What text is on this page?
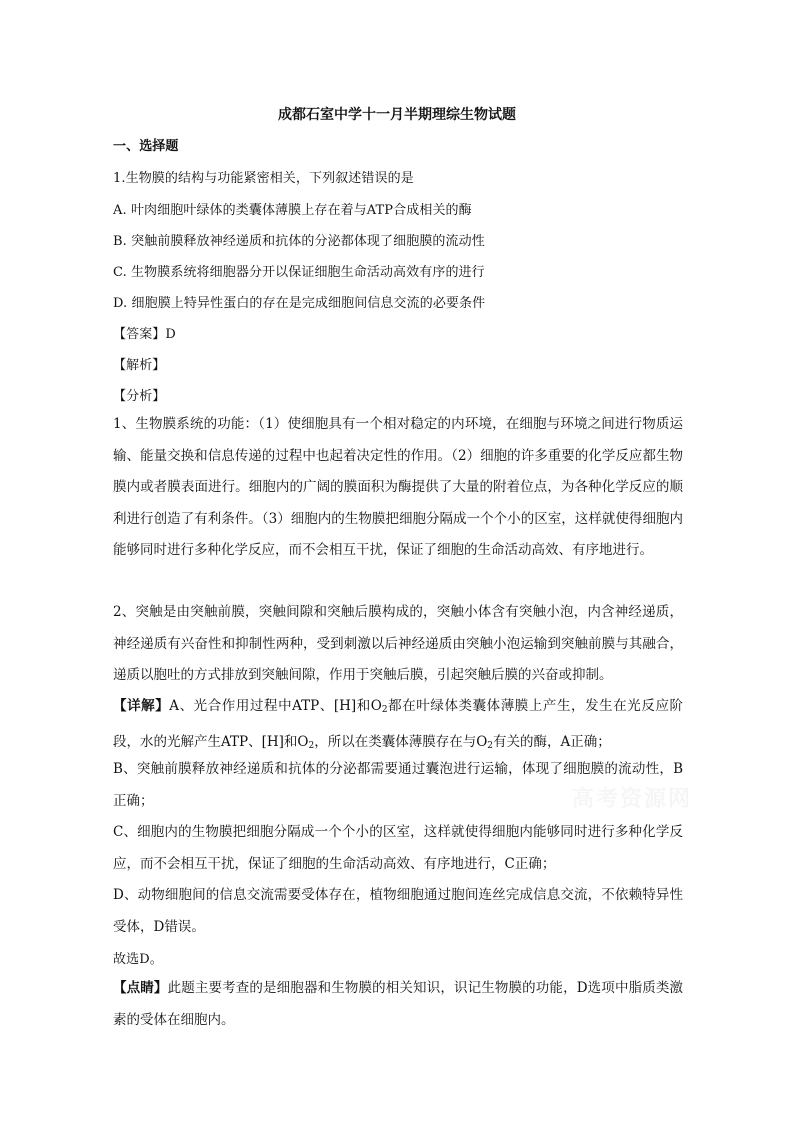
成都石室中学十一月半期理综生物试题
一、选择题
1.生物膜的结构与功能紧密相关，下列叙述错误的是
A. 叶肉细胞叶绿体的类囊体薄膜上存在着与ATP合成相关的酶
B. 突触前膜释放神经递质和抗体的分泌都体现了细胞膜的流动性
C. 生物膜系统将细胞器分开以保证细胞生命活动高效有序的进行
D. 细胞膜上特异性蛋白的存在是完成细胞间信息交流的必要条件
【答案】D
【解析】
【分析】
1、生物膜系统的功能：（1）使细胞具有一个相对稳定的内环境，在细胞与环境之间进行物质运输、能量交换和信息传递的过程中也起着决定性的作用。（2）细胞的许多重要的化学反应都生物膜内或者膜表面进行。细胞内的广阔的膜面积为酶提供了大量的附着位点，为各种化学反应的顺利进行创造了有利条件。（3）细胞内的生物膜把细胞分隔成一个个小的区室，这样就使得细胞内能够同时进行多种化学反应，而不会相互干扰，保证了细胞的生命活动高效、有序地进行。
2、突触是由突触前膜，突触间隙和突触后膜构成的，突触小体含有突触小泡，内含神经递质，神经递质有兴奋性和抑制性两种，受到刺激以后神经递质由突触小泡运输到突触前膜与其融合，递质以胞吐的方式排放到突触间隙，作用于突触后膜，引起突触后膜的兴奋或抑制。
【详解】A、光合作用过程中ATP、[H]和$O_2$都在叶绿体类囊体薄膜上产生，发生在光反应阶段，水的光解产生ATP、[H]和$O_2$，所以在类囊体薄膜存在与$O_2$有关的酶，A正确；
B、突触前膜释放神经递质和抗体的分泌都需要通过囊泡进行运输，体现了细胞膜的流动性，B正确；
C、细胞内的生物膜把细胞分隔成一个个小的区室，这样就使得细胞内能够同时进行多种化学反应，而不会相互干扰，保证了细胞的生命活动高效、有序地进行，C正确；
D、动物细胞间的信息交流需要受体存在，植物细胞通过胞间连丝完成信息交流，不依赖特异性受体，D错误。
故选D。
【点睛】此题主要考查的是细胞器和生物膜的相关知识，识记生物膜的功能，D选项中脂质类激素的受体在细胞内。
